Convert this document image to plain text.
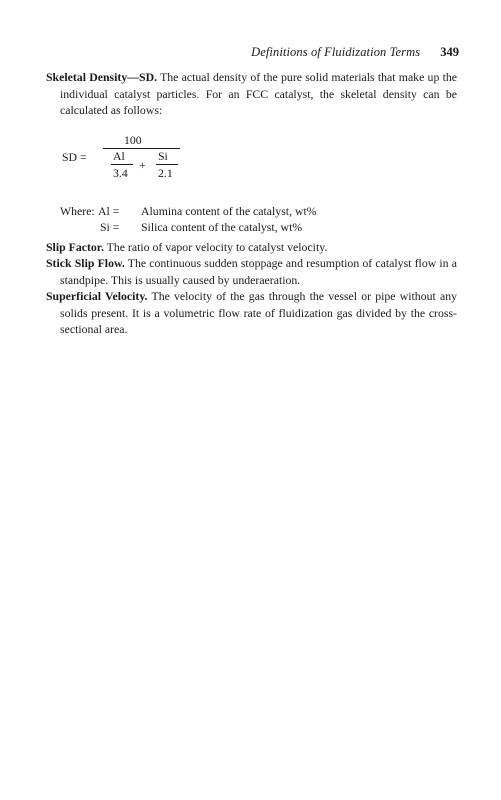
Definitions of Fluidization Terms 349

Skeletal Density—SD. The actual density of the pure solid materials that make up the individual catalyst particles. For an FCC catalyst, the skeletal density can be calculated as follows:

SD =
100
Al
3.4
+
Si
2.1
Where: Al = Alumina content of the catalyst, wt%
Si = Silica content of the catalyst, wt%

Slip Factor. The ratio of vapor velocity to catalyst velocity.

Stick Slip Flow. The continuous sudden stoppage and resumption of catalyst flow in a standpipe. This is usually caused by underaeration.

Superficial Velocity. The velocity of the gas through the vessel or pipe without any solids present. It is a volumetric flow rate of fluidization gas divided by the cross-sectional area.
